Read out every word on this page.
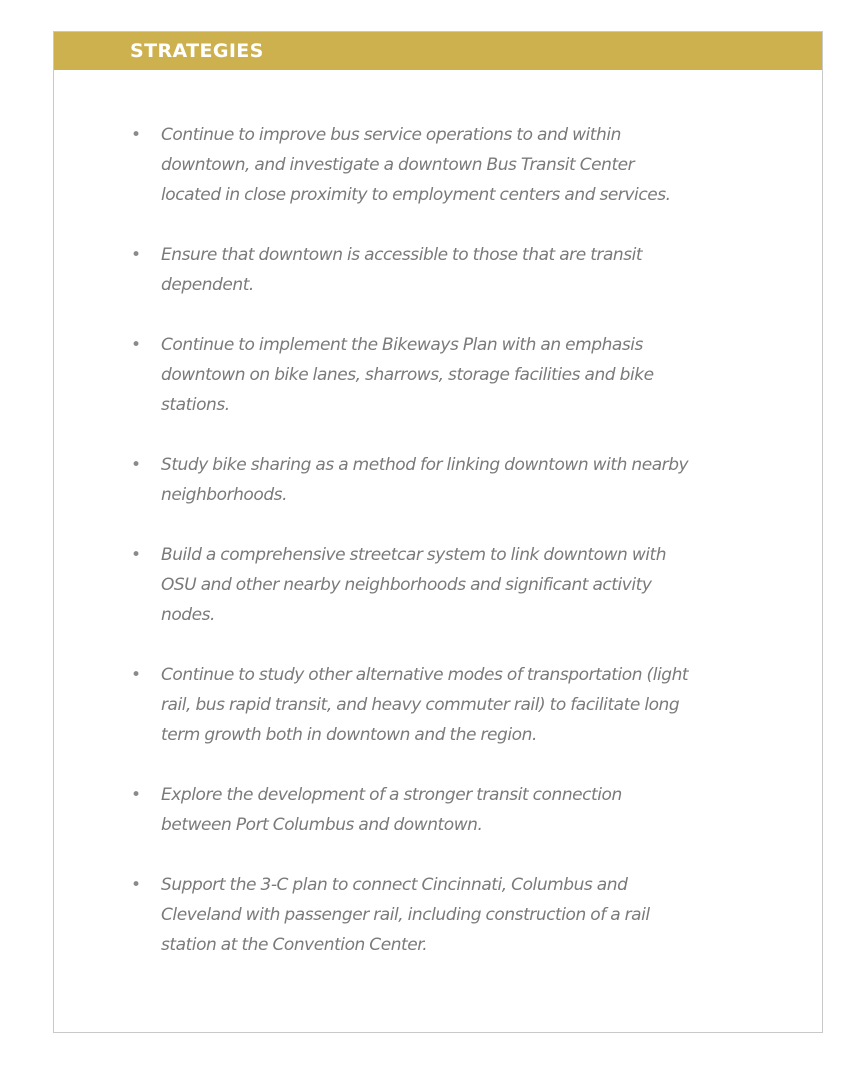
STRATEGIES
• Continue to improve bus service operations to and within downtown, and investigate a downtown Bus Transit Center located in close proximity to employment centers and services.
• Ensure that downtown is accessible to those that are transit dependent.
• Continue to implement the Bikeways Plan with an emphasis downtown on bike lanes, sharrows, storage facilities and bike stations.
• Study bike sharing as a method for linking downtown with nearby neighborhoods.
• Build a comprehensive streetcar system to link downtown with OSU and other nearby neighborhoods and significant activity nodes.
• Continue to study other alternative modes of transportation (light rail, bus rapid transit, and heavy commuter rail) to facilitate long term growth both in downtown and the region.
• Explore the development of a stronger transit connection between Port Columbus and downtown.
• Support the 3-C plan to connect Cincinnati, Columbus and Cleveland with passenger rail, including construction of a rail station at the Convention Center.
